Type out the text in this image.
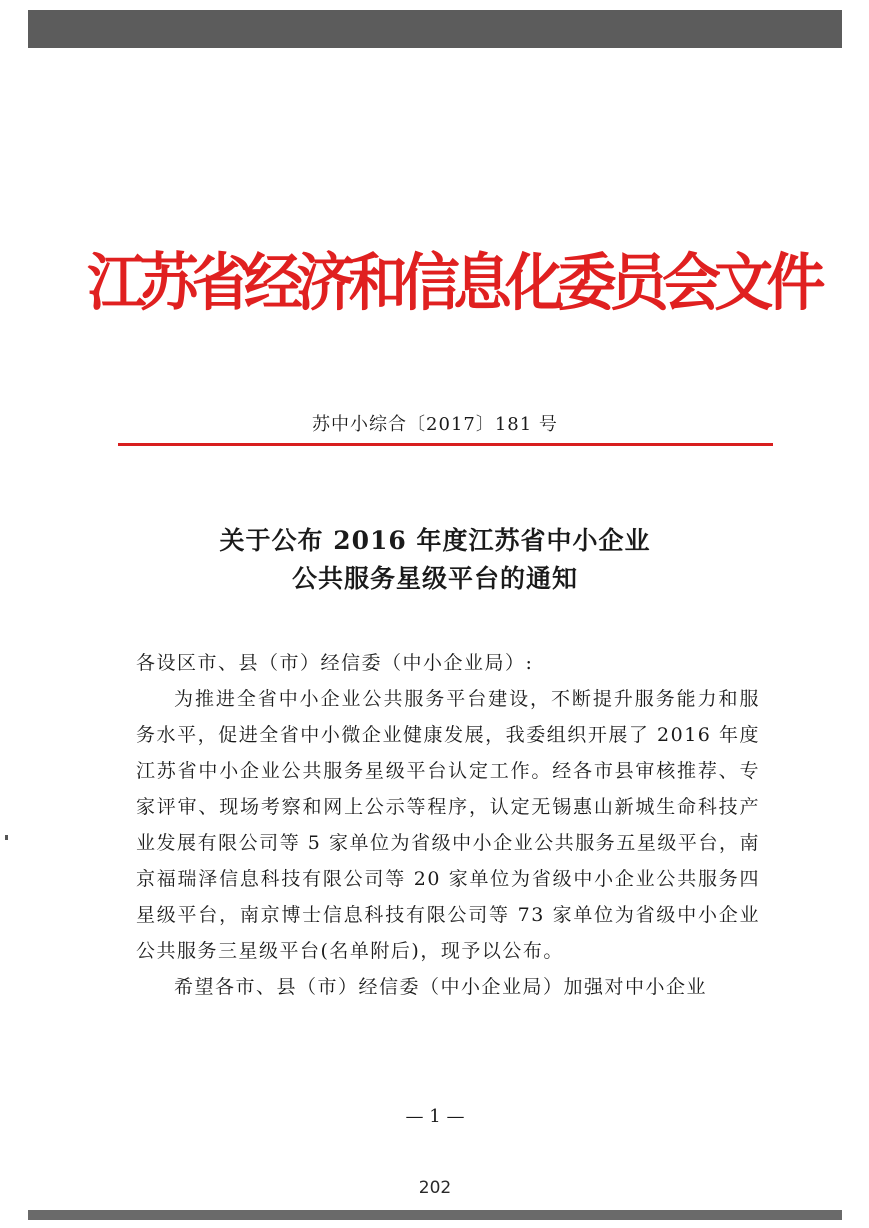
江苏省经济和信息化委员会文件
苏中小综合〔2017〕181 号
关于公布 2016 年度江苏省中小企业
公共服务星级平台的通知

各设区市、县（市）经信委（中小企业局）:

为推进全省中小企业公共服务平台建设，不断提升服务能力和服务水平，促进全省中小微企业健康发展，我委组织开展了 2016 年度江苏省中小企业公共服务星级平台认定工作。经各市县审核推荐、专家评审、现场考察和网上公示等程序，认定无锡惠山新城生命科技产业发展有限公司等 5 家单位为省级中小企业公共服务五星级平台，南京福瑞泽信息科技有限公司等 20 家单位为省级中小企业公共服务四星级平台，南京博士信息科技有限公司等 73 家单位为省级中小企业公共服务三星级平台(名单附后)，现予以公布。

希望各市、县（市）经信委（中小企业局）加强对中小企业

— 1 —
202
